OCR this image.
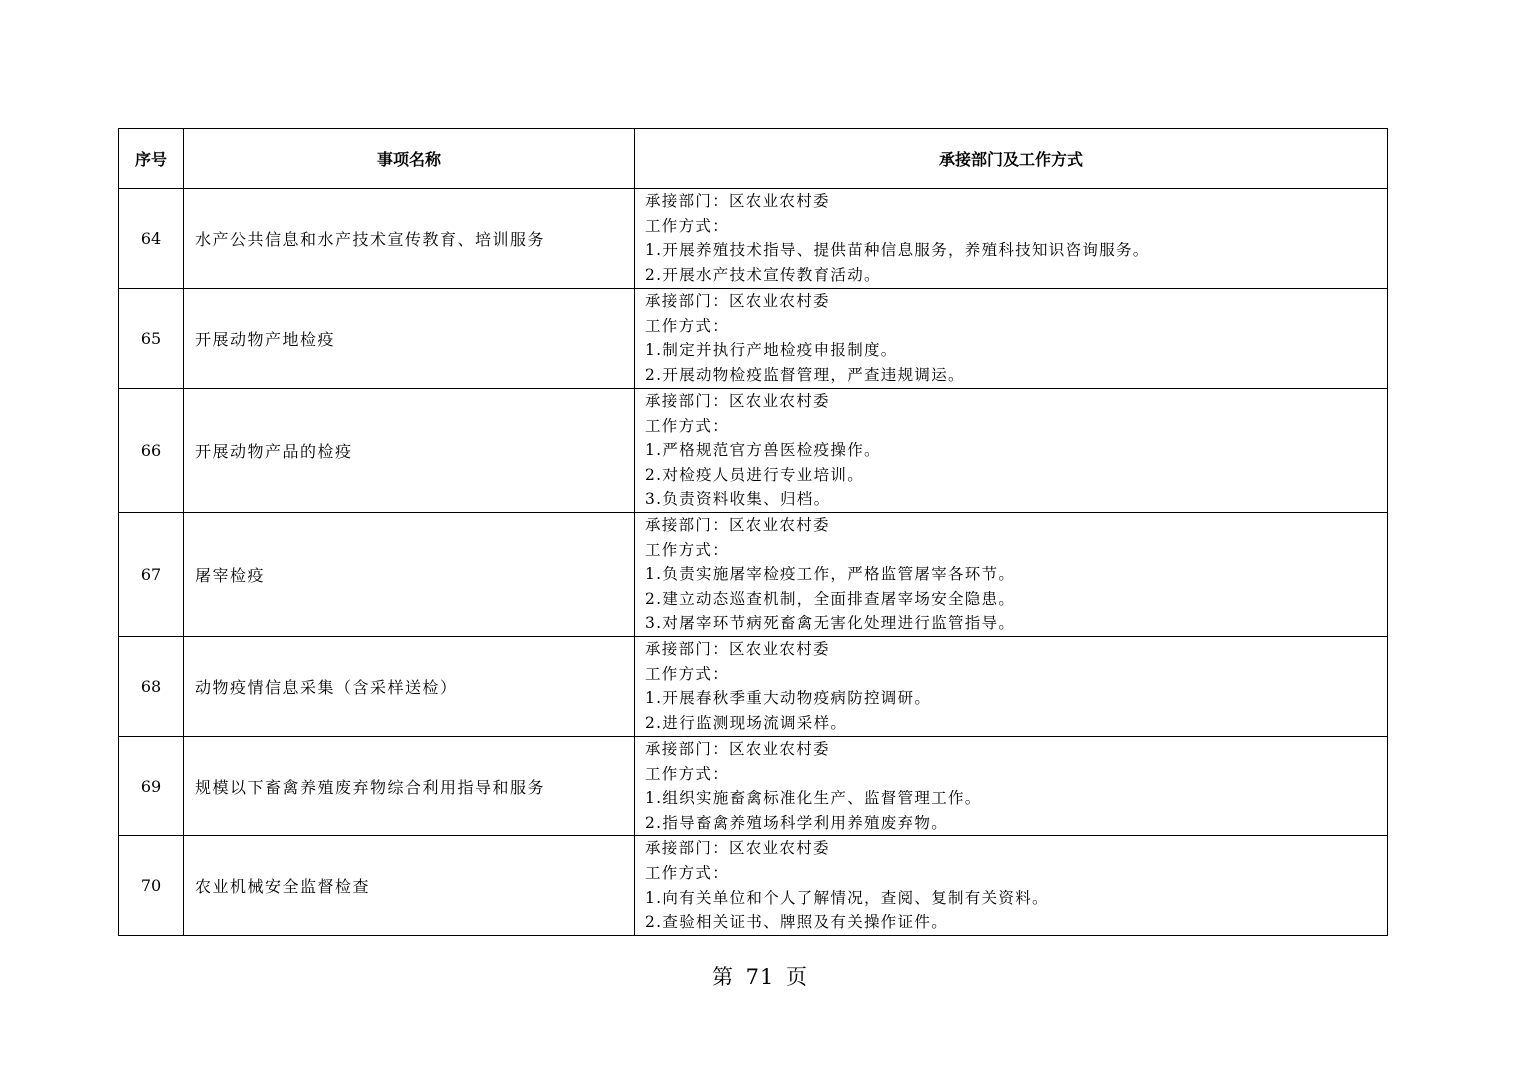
序号	事项名称	承接部门及工作方式
64	水产公共信息和水产技术宣传教育、培训服务	承接部门：区农业农村委
工作方式：
1.开展养殖技术指导、提供苗种信息服务，养殖科技知识咨询服务。
2.开展水产技术宣传教育活动。

65	开展动物产地检疫	承接部门：区农业农村委
工作方式：
1.制定并执行产地检疫申报制度。
2.开展动物检疫监督管理，严查违规调运。

66	开展动物产品的检疫	承接部门：区农业农村委
工作方式：
1.严格规范官方兽医检疫操作。
2.对检疫人员进行专业培训。
3.负责资料收集、归档。

67	屠宰检疫	承接部门：区农业农村委
工作方式：
1.负责实施屠宰检疫工作，严格监管屠宰各环节。
2.建立动态巡查机制，全面排查屠宰场安全隐患。
3.对屠宰环节病死畜禽无害化处理进行监管指导。

68	动物疫情信息采集（含采样送检）	承接部门：区农业农村委
工作方式：
1.开展春秋季重大动物疫病防控调研。
2.进行监测现场流调采样。

69	规模以下畜禽养殖废弃物综合利用指导和服务	承接部门：区农业农村委
工作方式：
1.组织实施畜禽标准化生产、监督管理工作。
2.指导畜禽养殖场科学利用养殖废弃物。

70	农业机械安全监督检查	承接部门：区农业农村委
工作方式：
1.向有关单位和个人了解情况，查阅、复制有关资料。
2.查验相关证书、牌照及有关操作证件。
第 71 页
